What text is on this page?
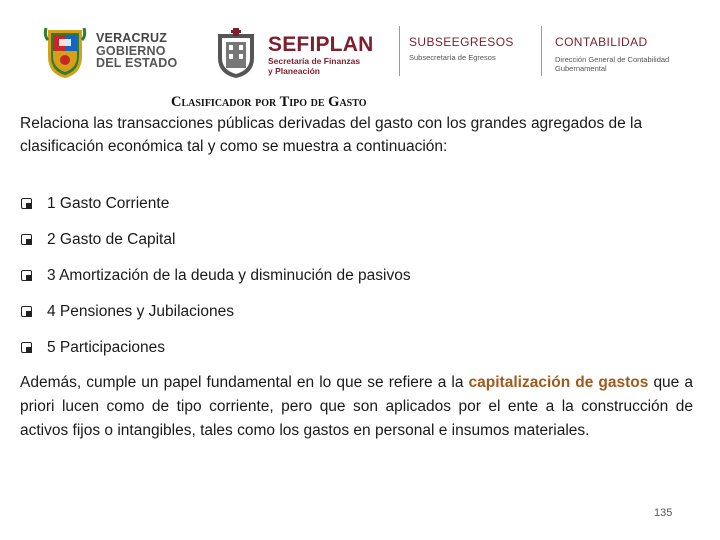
VERACRUZ
GOBIERNO
DEL ESTADO
SEFIPLAN
Secretaría de Finanzas
y Planeación
SUBSEEGRESOS
Subsecretaría de Egresos
CONTABILIDAD
Dirección General de Contabilidad Gubernamental
Clasificador por Tipo de Gasto
Relaciona las transacciones públicas derivadas del gasto con los grandes agregados de la clasificación económica tal y como se muestra a continuación:
1 Gasto Corriente
2 Gasto de Capital
3 Amortización de la deuda y disminución de pasivos
4 Pensiones y Jubilaciones
5 Participaciones
Además, cumple un papel fundamental en lo que se refiere a la capitalización de gastos que a priori lucen como de tipo corriente, pero que son aplicados por el ente a la construcción de activos fijos o intangibles, tales como los gastos en personal e insumos materiales.
135
